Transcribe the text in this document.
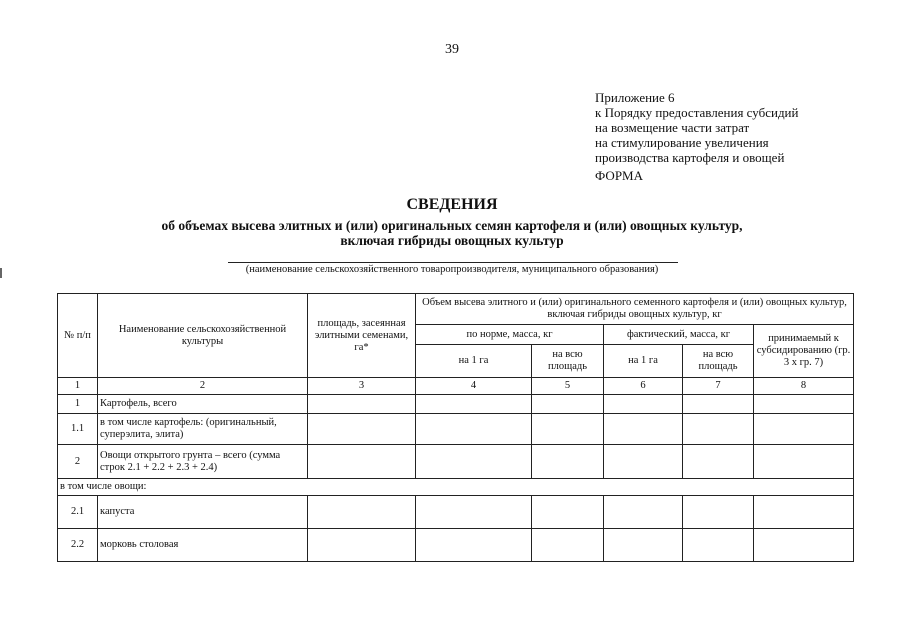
39
Приложение 6
к Порядку предоставления субсидий
на возмещение части затрат
на стимулирование увеличения
производства картофеля и овощей
ФОРМА
СВЕДЕНИЯ
об объемах высева элитных и (или) оригинальных семян картофеля и (или) овощных культур,
включая гибриды овощных культур
(наименование сельскохозяйственного товаропроизводителя, муниципального образования)
№ п/п	Наименование сельскохозяйственной культуры	площадь, засеянная элитными семенами, га*	Объем высева элитного и (или) оригинального семенного картофеля и (или) овощных культур, включая гибриды овощных культур, кг				
			по норме, масса, кг		фактический, масса, кг		принимаемый к субсидированию (гр. 3 х гр. 7)
			на 1 га	на всю площадь	на 1 га	на всю площадь	
1	2	3	4	5	6	7	8
1	Картофель, всего						
1.1	в том числе картофель: (оригинальный, суперэлита, элита)						
2	Овощи открытого грунта – всего (сумма строк 2.1 + 2.2 + 2.3 + 2.4)						
в том числе овощи:							
2.1	капуста						
2.2	морковь столовая						
